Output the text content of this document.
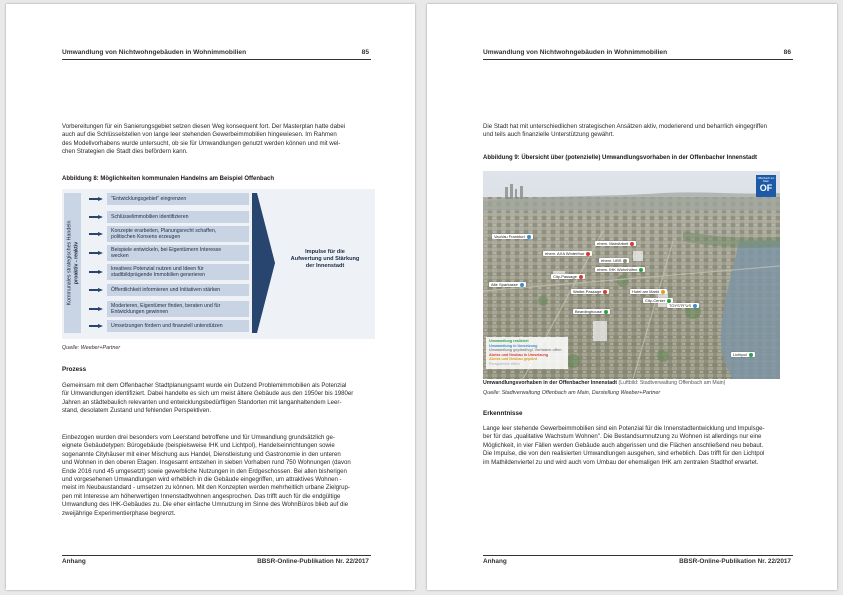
Umwandlung von Nichtwohngebäuden in Wohnimmobilien	85

Vorbereitungen für ein Sanierungsgebiet setzen diesen Weg konsequent fort. Der Masterplan hatte dabei
auch auf die Schlüsselstellen von lange leer stehenden Gewerbeimmobilien hingewiesen. Im Rahmen
des Modellvorhabens wurde untersucht, ob sie für Umwandlungen genutzt werden können und mit wel-
chen Strategien die Stadt dies befördern kann.

Abbildung 8: Möglichkeiten kommunalen Handelns am Beispiel Offenbach

Kommunales strategisches Handeln proaktiv - reaktiv
"Entwicklungsgebiet" eingrenzen
Schlüsselimmobilien identifizieren
Konzepte erarbeiten, Planungsrecht schaffen,
politischen Konsens erzeugen
Beispiele entwickeln, bei Eigentümern Interesse
wecken
kreatives Potenzial nutzen und Ideen für
stadtbildprägende Immobilien generieren
Öffentlichkeit informieren und Initiativen stärken
Moderieren, Eigentümer finden, beraten und für
Entwicklungen gewinnen
Umsetzungen fördern und finanziell unterstützen
Impulse für die
Aufwertung und Stärkung
der Innenstadt

Quelle: Weeber+Partner

Prozess

Gemeinsam mit dem Offenbacher Stadtplanungsamt wurde ein Dutzend Problemimmobilien als Potenzial
für Umwandlungen identifiziert. Dabei handelte es sich um meist ältere Gebäude aus den 1950er bis 1980er
Jahren an städtebaulich relevanten und entwicklungsbedürftigen Standorten mit langanhaltendem Leer-
stand, desolatem Zustand und fehlenden Perspektiven.

Einbezogen wurden drei besonders vom Leerstand betroffene und für Umwandlung grundsätzlich ge-
eignete Gebäudetypen: Bürogebäude (beispielsweise IHK und Lichtpol), Handelseinrichtungen sowie
sogenannte Cityhäuser mit einer Mischung aus Handel, Dienstleistung und Gastronomie in den unteren
und Wohnen in den oberen Etagen. Insgesamt entstehen in sieben Vorhaben rund 750 Wohnungen (davon
Ende 2016 rund 45 umgesetzt) sowie gewerbliche Nutzungen in den Erdgeschossen. Bei allen bisherigen
und vorgesehenen Umwandlungen wird erheblich in die Gebäude eingegriffen, um attraktives Wohnen -
meist im Neubaustandard - umsetzen zu können. Mit den Konzepten werden mehrheitlich urbane Zielgrup-
pen mit Interesse am höherwertigen Innenstadtwohnen angesprochen. Das trifft auch für die endgültige
Umwandlung des IHK-Gebäudes zu. Die eher einfache Umnutzung im Sinne des WohnBüros blieb auf die
zweijährige Experimentierphase begrenzt.

Anhang	BBSR-Online-Publikation Nr. 22/2017
Umwandlung von Nichtwohngebäuden in Wohnimmobilien	86

Die Stadt hat mit unterschiedlichen strategischen Ansätzen aktiv, moderierend und beharrlich eingegriffen
und teils auch finanzielle Unterstützung gewährt.

Abbildung 9: Übersicht über (potenzielle) Umwandlungsvorhaben in der Offenbacher Innenstadt

Offenbach am Main
OF
VauVau Frankfurt
ehem. MainArbeit
ehem. AXA Winterthur
ehem. UBS
ehem. IHK Wohnhöfen
City-Passage
Alte Sparkasse
Walter-Passage	Hotel am Markt
City-Center
TOYS"R"US
Beardinghouse
Lichtpol
Umwandlung realisiert
Umwandlung in Umsetzung
Umwandlung geplant/vgl. Vorhaben offen
Abriss und Neubau in Umsetzung
Abriss und Neubau geplant
Perspektive offen

Umwandlungsvorhaben in der Offenbacher Innenstadt (Luftbild: Stadtverwaltung Offenbach am Main)

Quelle: Stadtverwaltung Offenbach am Main, Darstellung Weeber+Partner

Erkenntnisse

Lange leer stehende Gewerbeimmobilien sind ein Potenzial für die Innenstadtentwicklung und Impulsge-
ber für das „qualitative Wachstum Wohnen". Die Bestandsumnutzung zu Wohnen ist allerdings nur eine
Möglichkeit, in vier Fällen werden Gebäude auch abgerissen und die Flächen anschließend neu bebaut.
Die Impulse, die von den realisierten Umwandlungen ausgehen, sind erheblich. Das trifft für den Lichtpol
im Mathildenviertel zu und wird auch vom Umbau der ehemaligen IHK am zentralen Stadthof erwartet.

Anhang	BBSR-Online-Publikation Nr. 22/2017
